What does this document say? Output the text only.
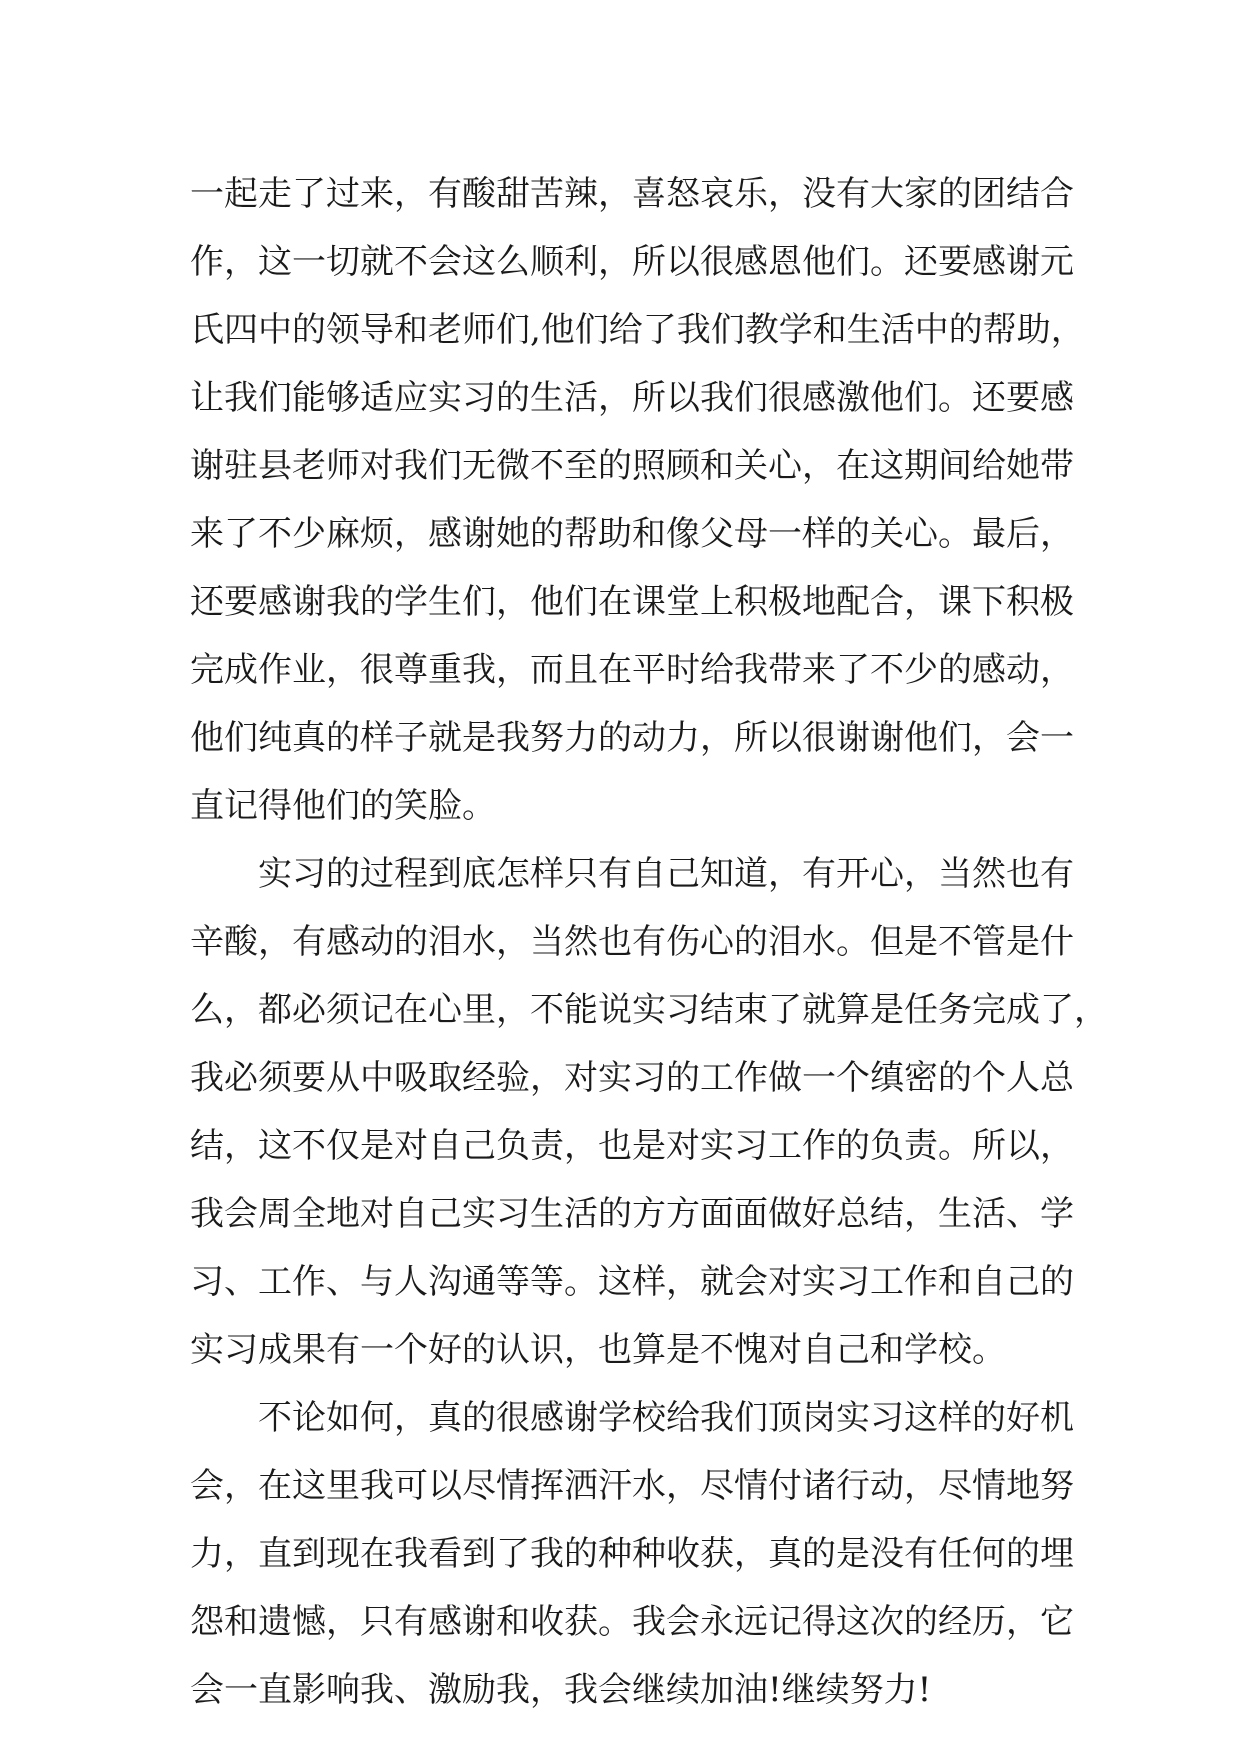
一起走了过来，有酸甜苦辣，喜怒哀乐，没有大家的团结合
作，这一切就不会这么顺利，所以很感恩他们。还要感谢元
氏四中的领导和老师们,他们给了我们教学和生活中的帮助，
让我们能够适应实习的生活，所以我们很感激他们。还要感
谢驻县老师对我们无微不至的照顾和关心，在这期间给她带
来了不少麻烦，感谢她的帮助和像父母一样的关心。最后，
还要感谢我的学生们，他们在课堂上积极地配合，课下积极
完成作业，很尊重我，而且在平时给我带来了不少的感动，
他们纯真的样子就是我努力的动力，所以很谢谢他们，会一
直记得他们的笑脸。
实习的过程到底怎样只有自己知道，有开心，当然也有
辛酸，有感动的泪水，当然也有伤心的泪水。但是不管是什
么，都必须记在心里，不能说实习结束了就算是任务完成了，
我必须要从中吸取经验，对实习的工作做一个缜密的个人总
结，这不仅是对自己负责，也是对实习工作的负责。所以，
我会周全地对自己实习生活的方方面面做好总结，生活、学
习、工作、与人沟通等等。这样，就会对实习工作和自己的
实习成果有一个好的认识，也算是不愧对自己和学校。
不论如何，真的很感谢学校给我们顶岗实习这样的好机
会，在这里我可以尽情挥洒汗水，尽情付诸行动，尽情地努
力，直到现在我看到了我的种种收获，真的是没有任何的埋
怨和遗憾，只有感谢和收获。我会永远记得这次的经历，它
会一直影响我、激励我，我会继续加油!继续努力!
